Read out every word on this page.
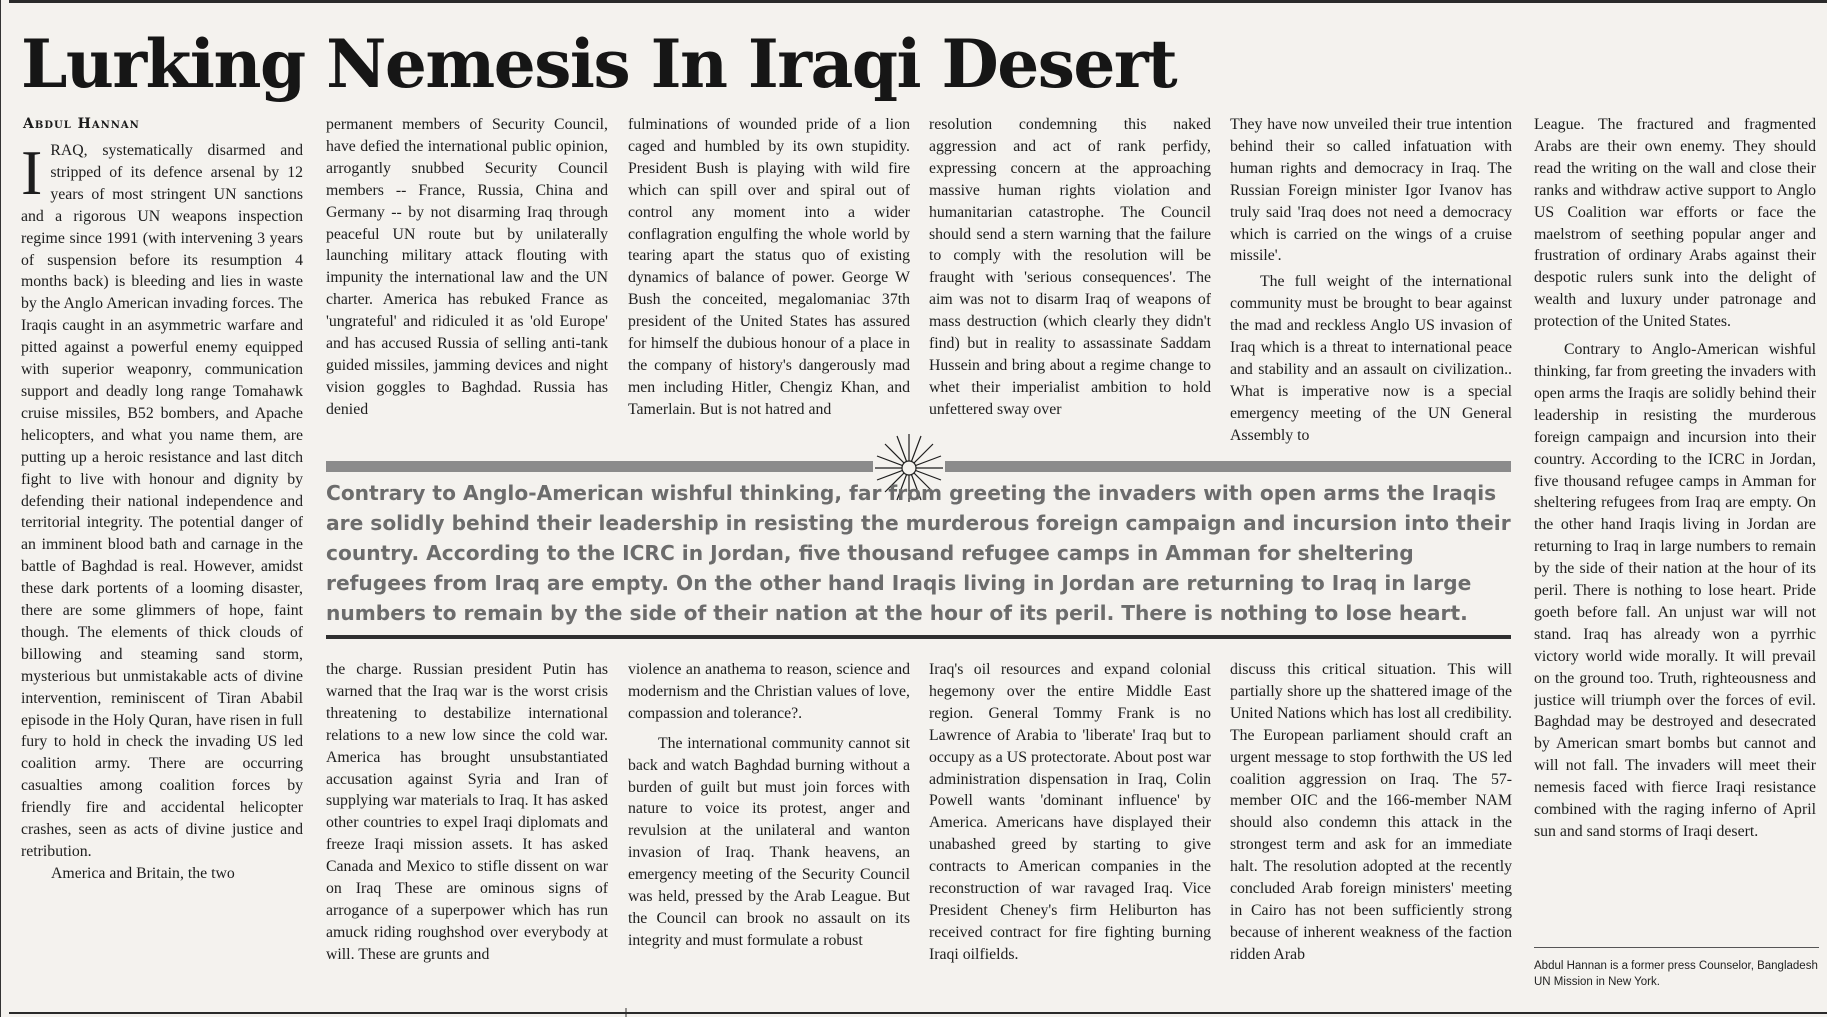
Lurking Nemesis In Iraqi Desert
Abdul Hannan

IRAQ, systematically disarmed and stripped of its defence arsenal by 12 years of most stringent UN sanctions and a rigorous UN weapons inspection regime since 1991 (with intervening 3 years of suspension before its resumption 4 months back) is bleeding and lies in waste by the Anglo American invading forces. The Iraqis caught in an asymmetric warfare and pitted against a powerful enemy equipped with superior weaponry, communication support and deadly long range Tomahawk cruise missiles, B52 bombers, and Apache helicopters, and what you name them, are putting up a heroic resistance and last ditch fight to live with honour and dignity by defending their national independence and territorial integrity. The potential danger of an imminent blood bath and carnage in the battle of Baghdad is real. However, amidst these dark portents of a looming disaster, there are some glimmers of hope, faint though. The elements of thick clouds of billowing and steaming sand storm, mysterious but unmistakable acts of divine intervention, reminiscent of Tiran Ababil episode in the Holy Quran, have risen in full fury to hold in check the invading US led coalition army. There are occurring casualties among coalition forces by friendly fire and accidental helicopter crashes, seen as acts of divine justice and retribution.

America and Britain, the two

permanent members of Security Council, have defied the international public opinion, arrogantly snubbed Security Council members -- France, Russia, China and Germany -- by not disarming Iraq through peaceful UN route but by unilaterally launching military attack flouting with impunity the international law and the UN charter. America has rebuked France as 'ungrateful' and ridiculed it as 'old Europe' and has accused Russia of selling anti-tank guided missiles, jamming devices and night vision goggles to Baghdad. Russia has denied

the charge. Russian president Putin has warned that the Iraq war is the worst crisis threatening to destabilize international relations to a new low since the cold war. America has brought unsubstantiated accusation against Syria and Iran of supplying war materials to Iraq. It has asked other countries to expel Iraqi diplomats and freeze Iraqi mission assets. It has asked Canada and Mexico to stifle dissent on war on Iraq These are ominous signs of arrogance of a superpower which has run amuck riding roughshod over everybody at will. These are grunts and

fulminations of wounded pride of a lion caged and humbled by its own stupidity. President Bush is playing with wild fire which can spill over and spiral out of control any moment into a wider conflagration engulfing the whole world by tearing apart the status quo of existing dynamics of balance of power. George W Bush the conceited, megalomaniac 37th president of the United States has assured for himself the dubious honour of a place in the company of history's dangerously mad men including Hitler, Chengiz Khan, and Tamerlain. But is not hatred and

violence an anathema to reason, science and modernism and the Christian values of love, compassion and tolerance?.

The international community cannot sit back and watch Baghdad burning without a burden of guilt but must join forces with nature to voice its protest, anger and revulsion at the unilateral and wanton invasion of Iraq. Thank heavens, an emergency meeting of the Security Council was held, pressed by the Arab League. But the Council can brook no assault on its integrity and must formulate a robust

resolution condemning this naked aggression and act of rank perfidy, expressing concern at the approaching massive human rights violation and humanitarian catastrophe. The Council should send a stern warning that the failure to comply with the resolution will be fraught with 'serious consequences'. The aim was not to disarm Iraq of weapons of mass destruction (which clearly they didn't find) but in reality to assassinate Saddam Hussein and bring about a regime change to whet their imperialist ambition to hold unfettered sway over

Iraq's oil resources and expand colonial hegemony over the entire Middle East region. General Tommy Frank is no Lawrence of Arabia to 'liberate' Iraq but to occupy as a US protectorate. About post war administration dispensation in Iraq, Colin Powell wants 'dominant influence' by America. Americans have displayed their unabashed greed by starting to give contracts to American companies in the reconstruction of war ravaged Iraq. Vice President Cheney's firm Heliburton has received contract for fire fighting burning Iraqi oilfields.

They have now unveiled their true intention behind their so called infatuation with human rights and democracy in Iraq. The Russian Foreign minister Igor Ivanov has truly said 'Iraq does not need a democracy which is carried on the wings of a cruise missile'.

The full weight of the international community must be brought to bear against the mad and reckless Anglo US invasion of Iraq which is a threat to international peace and stability and an assault on civilization.. What is imperative now is a special emergency meeting of the UN General Assembly to

discuss this critical situation. This will partially shore up the shattered image of the United Nations which has lost all credibility. The European parliament should craft an urgent message to stop forthwith the US led coalition aggression on Iraq. The 57-member OIC and the 166-member NAM should also condemn this attack in the strongest term and ask for an immediate halt. The resolution adopted at the recently concluded Arab foreign ministers' meeting in Cairo has not been sufficiently strong because of inherent weakness of the faction ridden Arab

League. The fractured and fragmented Arabs are their own enemy. They should read the writing on the wall and close their ranks and withdraw active support to Anglo US Coalition war efforts or face the maelstrom of seething popular anger and frustration of ordinary Arabs against their despotic rulers sunk into the delight of wealth and luxury under patronage and protection of the United States.

Contrary to Anglo-American wishful thinking, far from greeting the invaders with open arms the Iraqis are solidly behind their leadership in resisting the murderous foreign campaign and incursion into their country. According to the ICRC in Jordan, five thousand refugee camps in Amman for sheltering refugees from Iraq are empty. On the other hand Iraqis living in Jordan are returning to Iraq in large numbers to remain by the side of their nation at the hour of its peril. There is nothing to lose heart. Pride goeth before fall. An unjust war will not stand. Iraq has already won a pyrrhic victory world wide morally. It will prevail on the ground too. Truth, righteousness and justice will triumph over the forces of evil. Baghdad may be destroyed and desecrated by American smart bombs but cannot and will not fall. The invaders will meet their nemesis faced with fierce Iraqi resistance combined with the raging inferno of April sun and sand storms of Iraqi desert.

Contrary to Anglo-American wishful thinking, far from greeting the invaders with open arms the Iraqis are solidly behind their leadership in resisting the murderous foreign campaign and incursion into their country. According to the ICRC in Jordan, five thousand refugee camps in Amman for sheltering refugees from Iraq are empty. On the other hand Iraqis living in Jordan are returning to Iraq in large numbers to remain by the side of their nation at the hour of its peril. There is nothing to lose heart.
Abdul Hannan is a former press Counselor, Bangladesh UN Mission in New York.
